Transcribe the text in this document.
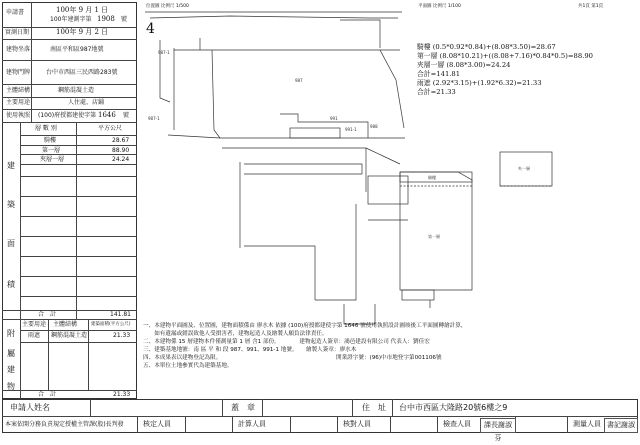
申請書	100年 9 月 1 日
100年建測字第 1908 號
實測日期	100年 9 月 2 日
建物坐落	南區平和區987地號
建物門牌	台中市西區三民西路283號
主體結構	鋼筋混凝土造
主要用途	人住處、店鋪
使用執照 (100)府授都建使字第 1646 號
層 數 別	平方公尺
建
築
面
積
騎樓	28.67
第一層	88.90
夾層一層	24.24
合　計	141.81
附
屬
建
物
主要用途 主體結構	建築面積(平方公尺)
雨遮 鋼筋混凝土造	21.33
合　計	21.33
位置圖 比例尺 1/500
4
987-1
987
987-1	991
991-1
988
平面圖 比例尺 1/100	共1頁 第1頁
騎樓 (0.5*0.92*0.84)+(8.08*3.50)=28.67
第一層 (8.08*10.21)+((8.08+7.16)*0.84*0.5)=88.90
夾層一層 (8.08*3.00)=24.24
合計=141.81
雨遮 (2.92*3.15)+(1.92*6.32)=21.33
合計=21.33
夾一層
騎樓
第一層
一、本建物平面圖及、位置圖，建物面積係由 廖水木 依據 (100)府授都建使字第 1646 號使用執照設計圖竣後工平面圖轉繪計算，
　　如有遺漏或錯誤致他人受損害者，建物起造人及繪製人願負法律責任。
二、本建物係 15 層建物本件僅測量第 1 層 含1 部份。　　　　建物起造人簽章：鴻邑建設有限公司 代表人：劉佳宏
三、建築基地地號：南 區 平 和 段 987、991、991-1 地號。　　繪製人簽章：廖水木
四、本成果表以建物登記為限。　　　　　　　　　　　　　　　　　　　　　開業證字號：(96)中市地登字第001106號
五、本單位土地參實代為建築基地。
申請人姓名	蓋　章	住　址 台中市西區大隆路20號6樓之9
本案依開分務負責規定授權主管課(股)長判發	核定人員	計算人員	核對人員	檢查人員	測量人員
課長謝淑芬
書記謝淑
